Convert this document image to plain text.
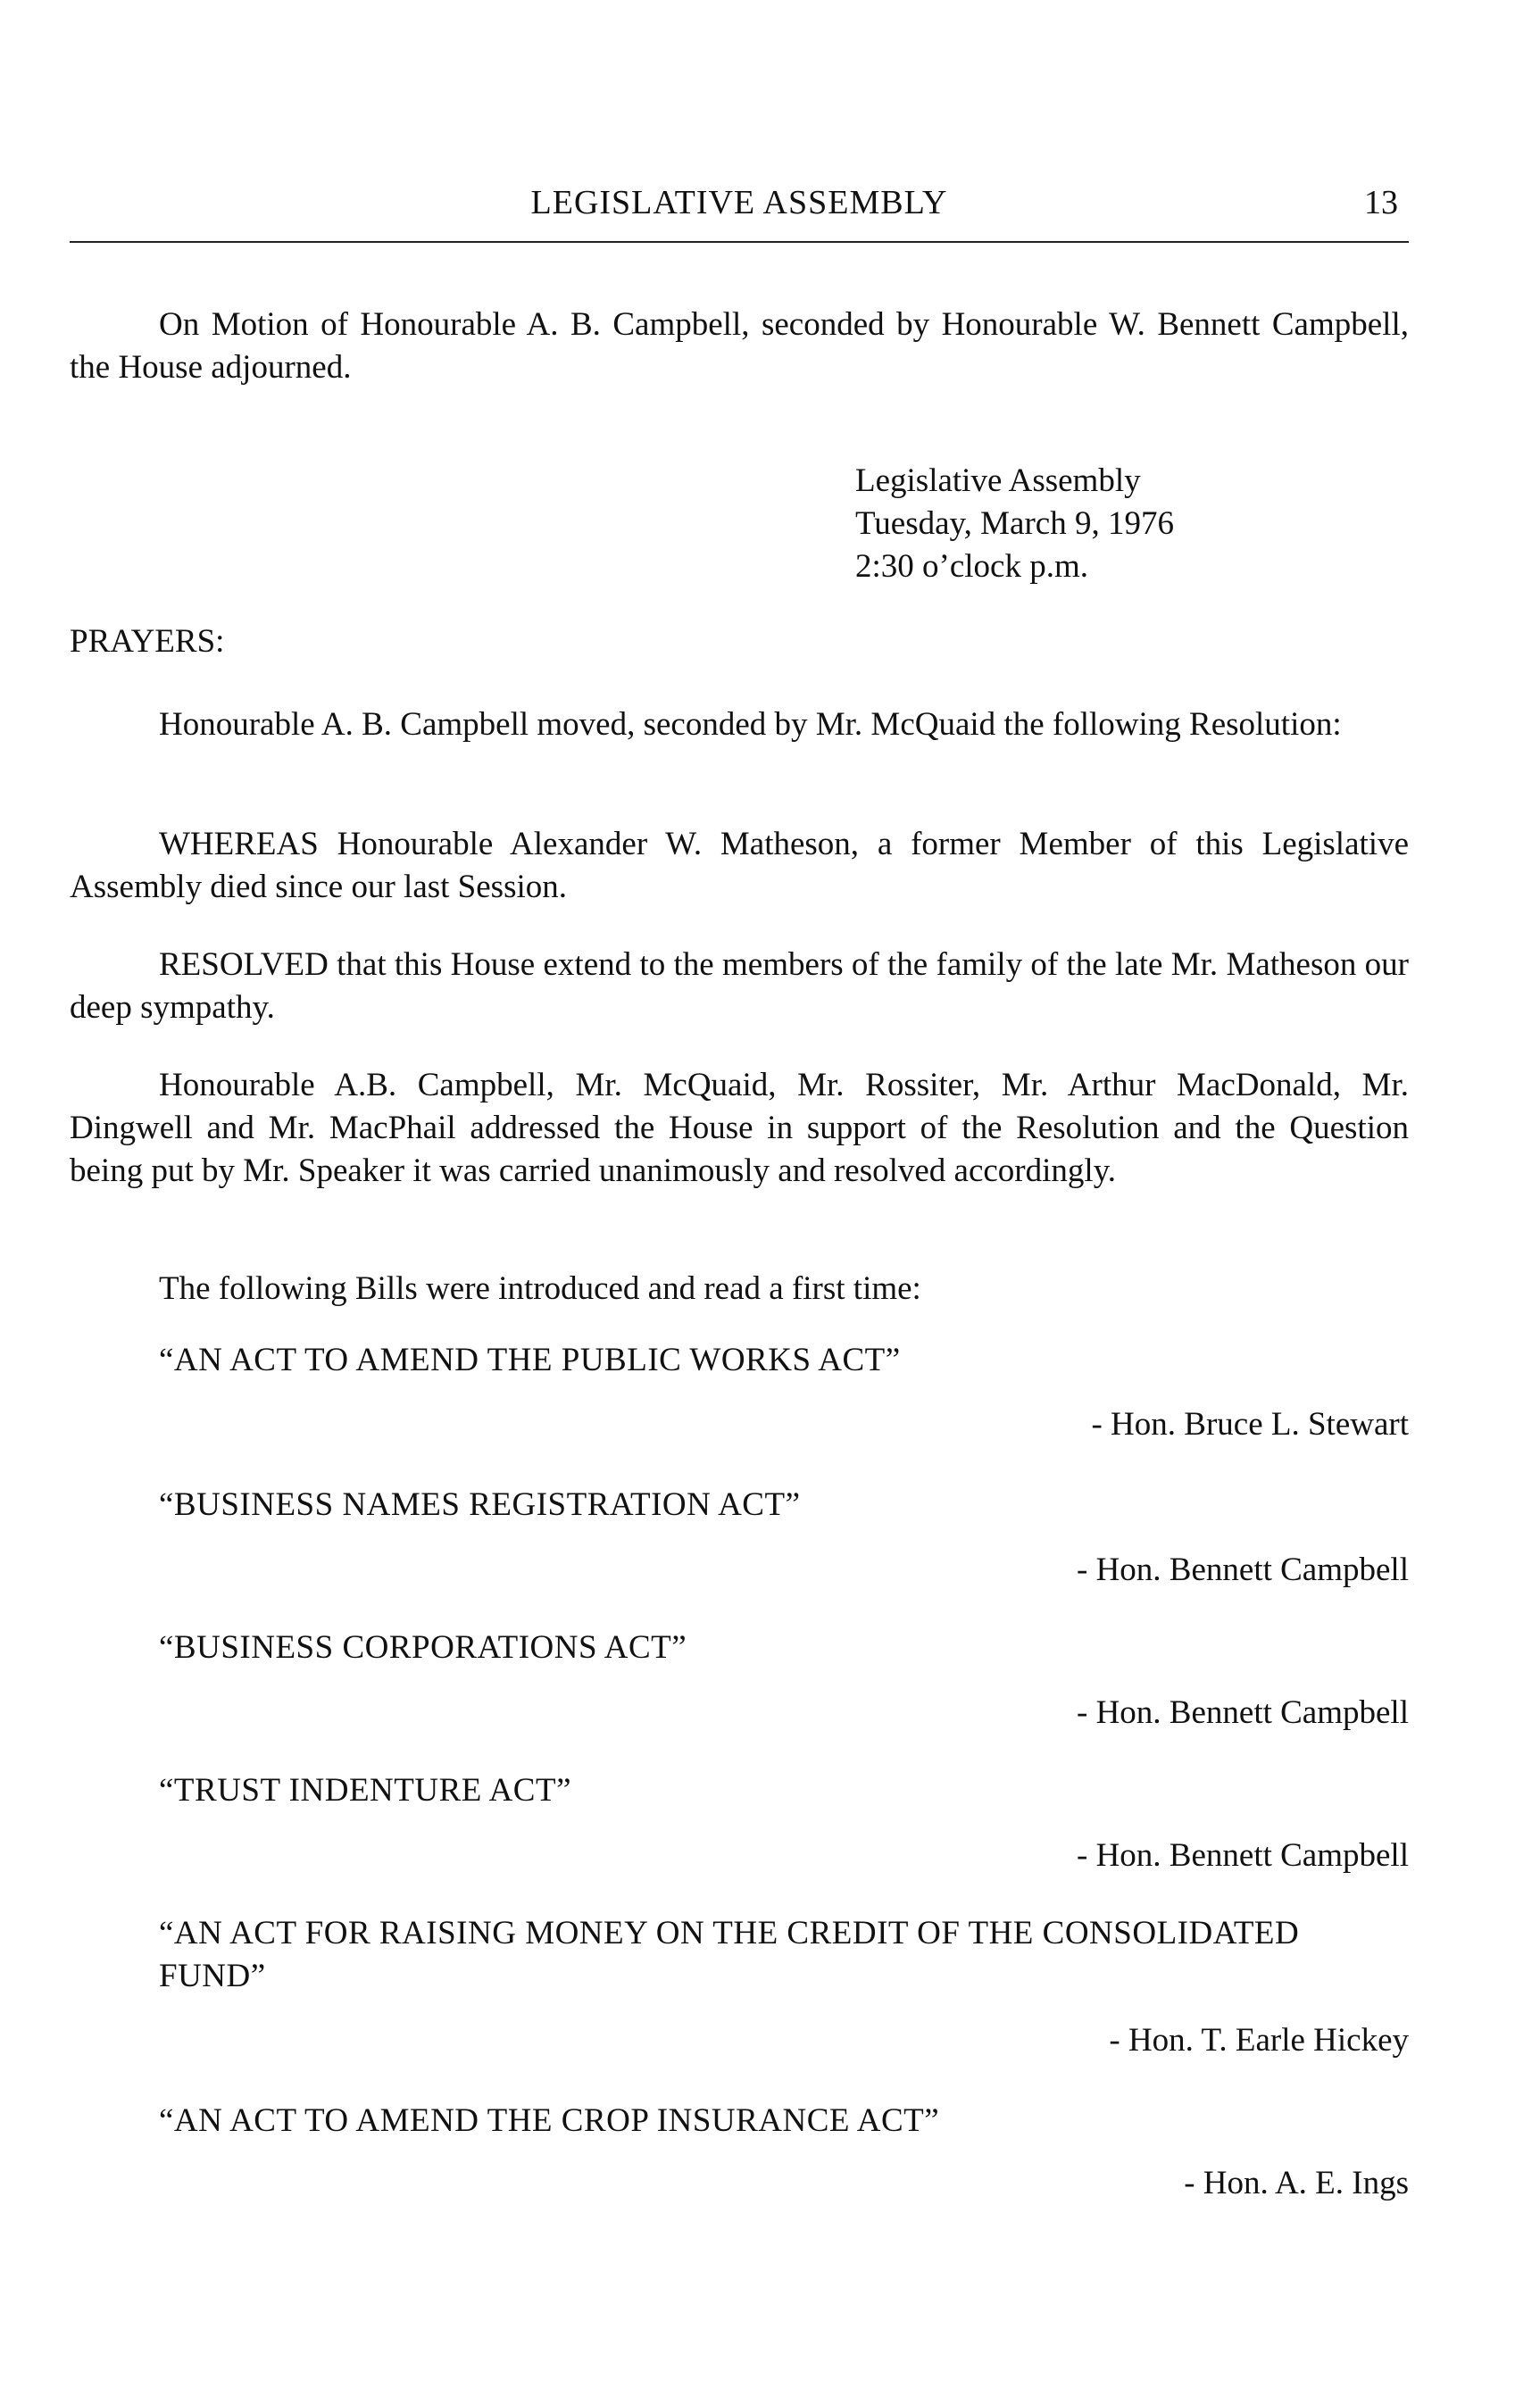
LEGISLATIVE ASSEMBLY	13
On Motion of Honourable A. B. Campbell, seconded by Honourable W. Bennett Campbell, the House adjourned.
Legislative Assembly
Tuesday, March 9, 1976
2:30 o’clock p.m.
PRAYERS:
Honourable A. B. Campbell moved, seconded by Mr. McQuaid the following Resolution:
WHEREAS Honourable Alexander W. Matheson, a former Member of this Legislative Assembly died since our last Session.
RESOLVED that this House extend to the members of the family of the late Mr. Matheson our deep sympathy.
Honourable A.B. Campbell, Mr. McQuaid, Mr. Rossiter, Mr. Arthur MacDonald, Mr. Dingwell and Mr. MacPhail addressed the House in support of the Resolution and the Question being put by Mr. Speaker it was carried unanimously and resolved accordingly.
The following Bills were introduced and read a first time:
“AN ACT TO AMEND THE PUBLIC WORKS ACT”
- Hon. Bruce L. Stewart
“BUSINESS NAMES REGISTRATION ACT”
- Hon. Bennett Campbell
“BUSINESS CORPORATIONS ACT”
- Hon. Bennett Campbell
“TRUST INDENTURE ACT”
- Hon. Bennett Campbell
“AN ACT FOR RAISING MONEY ON THE CREDIT OF THE CONSOLIDATED FUND”
- Hon. T. Earle Hickey
“AN ACT TO AMEND THE CROP INSURANCE ACT”
- Hon. A. E. Ings
